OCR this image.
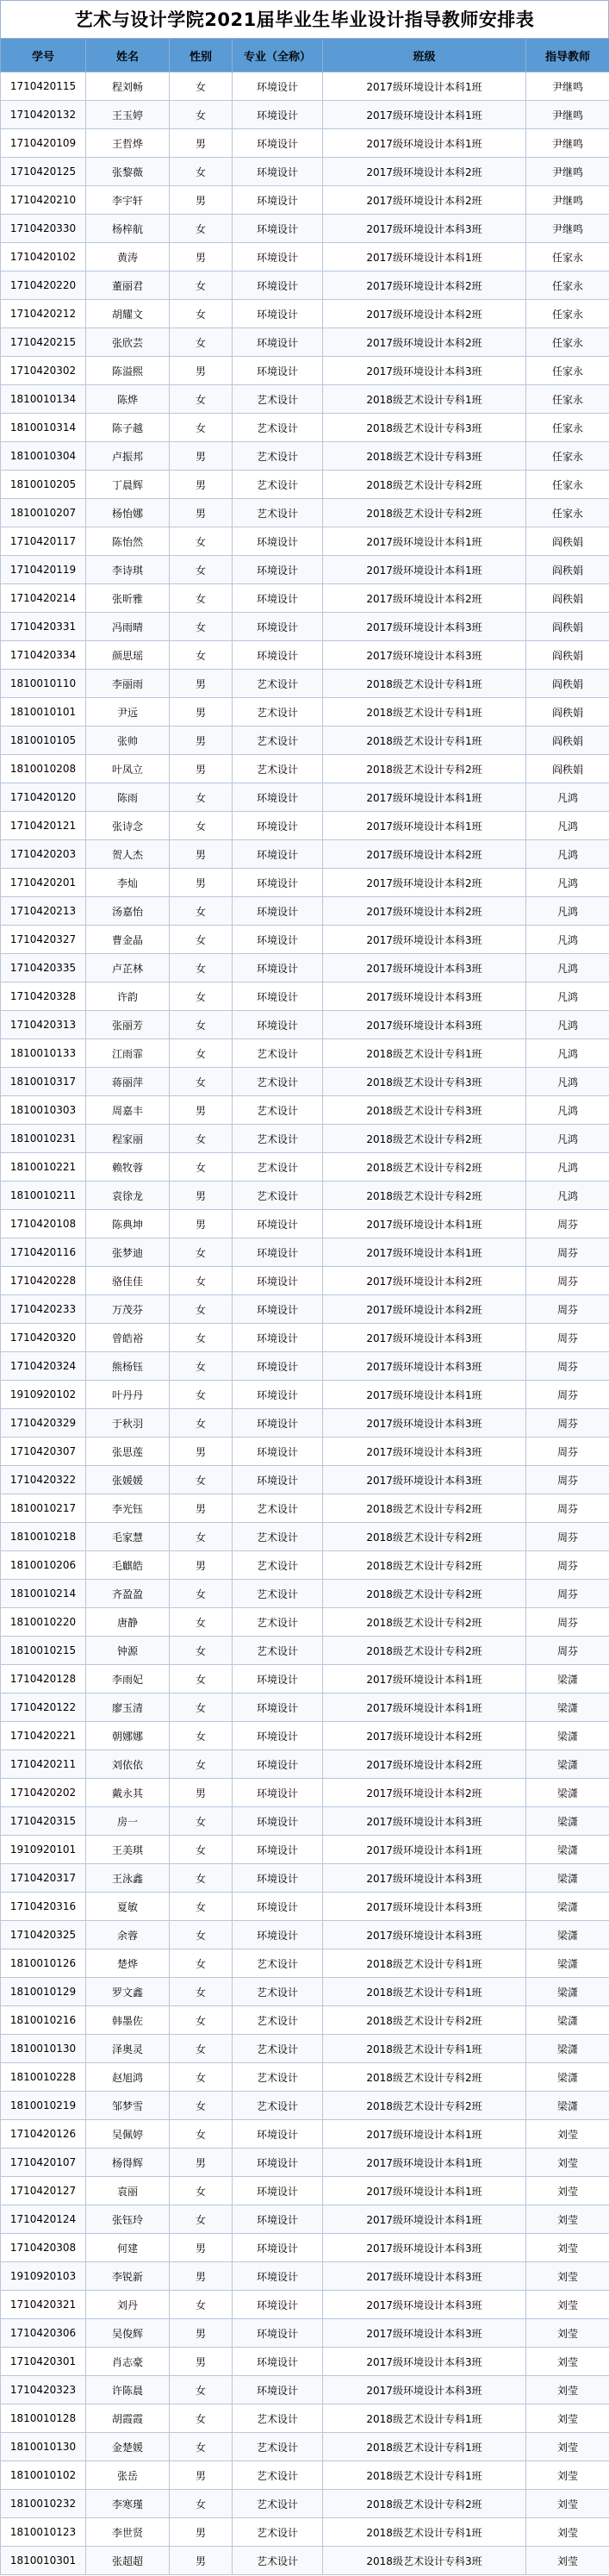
艺术与设计学院2021届毕业生毕业设计指导教师安排表
学号	姓名	性别	专业（全称）	班级	指导教师
1710420115	程刘畅	女	环境设计	2017级环境设计本科1班	尹继鸣
1710420132	王玉婷	女	环境设计	2017级环境设计本科1班	尹继鸣
1710420109	王哲烨	男	环境设计	2017级环境设计本科1班	尹继鸣
1710420125	张黎薇	女	环境设计	2017级环境设计本科2班	尹继鸣
1710420210	李宇轩	男	环境设计	2017级环境设计本科2班	尹继鸣
1710420330	杨梓航	女	环境设计	2017级环境设计本科3班	尹继鸣
1710420102	黄涛	男	环境设计	2017级环境设计本科1班	任家永
1710420220	董丽君	女	环境设计	2017级环境设计本科2班	任家永
1710420212	胡耀文	女	环境设计	2017级环境设计本科2班	任家永
1710420215	张欣芸	女	环境设计	2017级环境设计本科2班	任家永
1710420302	陈溢熙	男	环境设计	2017级环境设计本科3班	任家永
1810010134	陈烨	女	艺术设计	2018级艺术设计专科1班	任家永
1810010314	陈子越	女	艺术设计	2018级艺术设计专科3班	任家永
1810010304	卢振邦	男	艺术设计	2018级艺术设计专科3班	任家永
1810010205	丁晨辉	男	艺术设计	2018级艺术设计专科2班	任家永
1810010207	杨怡娜	男	艺术设计	2018级艺术设计专科2班	任家永
1710420117	陈怡然	女	环境设计	2017级环境设计本科1班	阎秩娟
1710420119	李诗琪	女	环境设计	2017级环境设计本科1班	阎秩娟
1710420214	张昕雅	女	环境设计	2017级环境设计本科2班	阎秩娟
1710420331	冯雨晴	女	环境设计	2017级环境设计本科3班	阎秩娟
1710420334	颜思瑶	女	环境设计	2017级环境设计本科3班	阎秩娟
1810010110	李丽雨	男	艺术设计	2018级艺术设计专科1班	阎秩娟
1810010101	尹远	男	艺术设计	2018级艺术设计专科1班	阎秩娟
1810010105	张帅	男	艺术设计	2018级艺术设计专科1班	阎秩娟
1810010208	叶凤立	男	艺术设计	2018级艺术设计专科2班	阎秩娟
1710420120	陈雨	女	环境设计	2017级环境设计本科1班	凡鸿
1710420121	张诗念	女	环境设计	2017级环境设计本科1班	凡鸿
1710420203	贺人杰	男	环境设计	2017级环境设计本科2班	凡鸿
1710420201	李灿	男	环境设计	2017级环境设计本科2班	凡鸿
1710420213	汤嘉怡	女	环境设计	2017级环境设计本科2班	凡鸿
1710420327	曹金晶	女	环境设计	2017级环境设计本科3班	凡鸿
1710420335	卢芷林	女	环境设计	2017级环境设计本科3班	凡鸿
1710420328	许韵	女	环境设计	2017级环境设计本科3班	凡鸿
1710420313	张丽芳	女	环境设计	2017级环境设计本科3班	凡鸿
1810010133	江雨霏	女	艺术设计	2018级艺术设计专科1班	凡鸿
1810010317	蒋丽萍	女	艺术设计	2018级艺术设计专科3班	凡鸿
1810010303	周嘉丰	男	艺术设计	2018级艺术设计专科3班	凡鸿
1810010231	程家丽	女	艺术设计	2018级艺术设计专科2班	凡鸿
1810010221	赖牧蓉	女	艺术设计	2018级艺术设计专科2班	凡鸿
1810010211	袁徐龙	男	艺术设计	2018级艺术设计专科2班	凡鸿
1710420108	陈典坤	男	环境设计	2017级环境设计本科1班	周芬
1710420116	张梦迪	女	环境设计	2017级环境设计本科1班	周芬
1710420228	骆佳佳	女	环境设计	2017级环境设计本科2班	周芬
1710420233	万茂芬	女	环境设计	2017级环境设计本科2班	周芬
1710420320	曾皓裕	女	环境设计	2017级环境设计本科3班	周芬
1710420324	熊杨钰	女	环境设计	2017级环境设计本科3班	周芬
1910920102	叶丹丹	女	环境设计	2017级环境设计本科1班	周芬
1710420329	于秋羽	女	环境设计	2017级环境设计本科3班	周芬
1710420307	张思莲	男	环境设计	2017级环境设计本科3班	周芬
1710420322	张媛媛	女	环境设计	2017级环境设计本科3班	周芬
1810010217	李光钰	男	艺术设计	2018级艺术设计专科2班	周芬
1810010218	毛家慧	女	艺术设计	2018级艺术设计专科2班	周芬
1810010206	毛麒皓	男	艺术设计	2018级艺术设计专科2班	周芬
1810010214	齐盈盈	女	艺术设计	2018级艺术设计专科2班	周芬
1810010220	唐静	女	艺术设计	2018级艺术设计专科2班	周芬
1810010215	钟源	女	艺术设计	2018级艺术设计专科2班	周芬
1710420128	李雨妃	女	环境设计	2017级环境设计本科1班	梁潇
1710420122	廖玉清	女	环境设计	2017级环境设计本科1班	梁潇
1710420221	朝娜娜	女	环境设计	2017级环境设计本科2班	梁潇
1710420211	刘依依	女	环境设计	2017级环境设计本科2班	梁潇
1710420202	戴永其	男	环境设计	2017级环境设计本科2班	梁潇
1710420315	房一	女	环境设计	2017级环境设计本科3班	梁潇
1910920101	王美琪	女	环境设计	2017级环境设计本科1班	梁潇
1710420317	王泳鑫	女	环境设计	2017级环境设计本科3班	梁潇
1710420316	夏敏	女	环境设计	2017级环境设计本科3班	梁潇
1710420325	余蓉	女	环境设计	2017级环境设计本科3班	梁潇
1810010126	楚烨	女	艺术设计	2018级艺术设计专科1班	梁潇
1810010129	罗文鑫	女	艺术设计	2018级艺术设计专科1班	梁潇
1810010216	韩墨佐	女	艺术设计	2018级艺术设计专科2班	梁潇
1810010130	泽奥灵	女	艺术设计	2018级艺术设计专科1班	梁潇
1810010228	赵旭鸿	女	艺术设计	2018级艺术设计专科2班	梁潇
1810010219	邹梦雪	女	艺术设计	2018级艺术设计专科2班	梁潇
1710420126	吴佩婷	女	环境设计	2017级环境设计本科1班	刘莹
1710420107	杨得辉	男	环境设计	2017级环境设计本科1班	刘莹
1710420127	袁丽	女	环境设计	2017级环境设计本科1班	刘莹
1710420124	张钰玲	女	环境设计	2017级环境设计本科1班	刘莹
1710420308	何建	男	环境设计	2017级环境设计本科3班	刘莹
1910920103	李锐新	男	环境设计	2017级环境设计本科3班	刘莹
1710420321	刘丹	女	环境设计	2017级环境设计本科3班	刘莹
1710420306	吴俊辉	男	环境设计	2017级环境设计本科3班	刘莹
1710420301	肖志豪	男	环境设计	2017级环境设计本科3班	刘莹
1710420323	许陈晨	女	环境设计	2017级环境设计本科3班	刘莹
1810010128	胡霞霞	女	艺术设计	2018级艺术设计专科1班	刘莹
1810010130	金楚媛	女	艺术设计	2018级艺术设计专科1班	刘莹
1810010102	张岳	男	艺术设计	2018级艺术设计专科1班	刘莹
1810010232	李寒瑾	女	艺术设计	2018级艺术设计专科2班	刘莹
1810010123	李世贤	男	艺术设计	2018级艺术设计专科1班	刘莹
1810010301	张超超	男	艺术设计	2018级艺术设计专科3班	刘莹
